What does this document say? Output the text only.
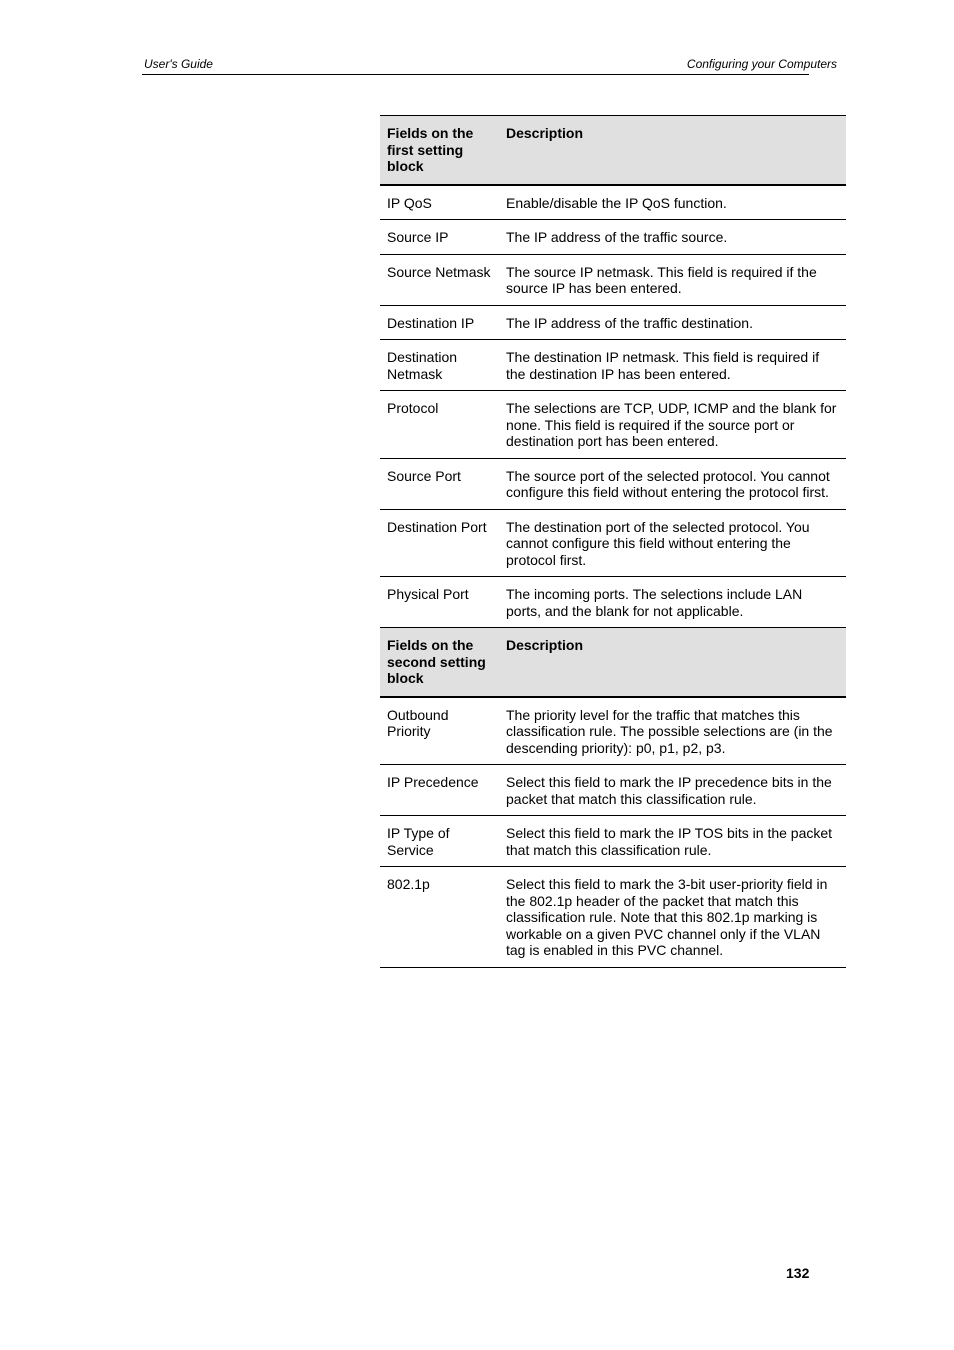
User's Guide	Configuring your Computers
Fields on the first setting block	Description
IP QoS	Enable/disable the IP QoS function.
Source IP	The IP address of the traffic source.
Source Netmask	The source IP netmask. This field is required if the source IP has been entered.
Destination IP	The IP address of the traffic destination.
Destination Netmask	The destination IP netmask. This field is required if the destination IP has been entered.
Protocol	The selections are TCP, UDP, ICMP and the blank for none. This field is required if the source port or destination port has been entered.
Source Port	The source port of the selected protocol. You cannot configure this field without entering the protocol first.
Destination Port	The destination port of the selected protocol. You cannot configure this field without entering the protocol first.
Physical Port	The incoming ports. The selections include LAN ports, and the blank for not applicable.
Fields on the second setting block	Description
Outbound Priority	The priority level for the traffic that matches this classification rule. The possible selections are (in the descending priority): p0, p1, p2, p3.
IP Precedence	Select this field to mark the IP precedence bits in the packet that match this classification rule.
IP Type of Service	Select this field to mark the IP TOS bits in the packet that match this classification rule.
802.1p	Select this field to mark the 3-bit user-priority field in the 802.1p header of the packet that match this classification rule. Note that this 802.1p marking is workable on a given PVC channel only if the VLAN tag is enabled in this PVC channel.
132
